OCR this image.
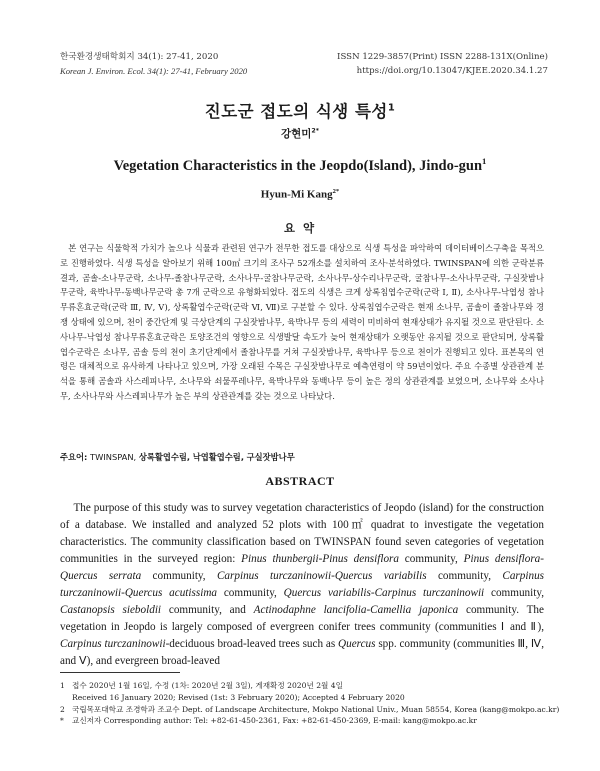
한국환경생태학회지 34(1): 27-41, 2020
Korean J. Environ. Ecol. 34(1): 27-41, February 2020
ISSN 1229-3857(Print) ISSN 2288-131X(Online)
https://doi.org/10.13047/KJEE.2020.34.1.27
진도군 접도의 식생 특성$^1$
강현미$^{2*}$
Vegetation Characteristics in the Jeopdo(Island), Jindo-gun$^1$
Hyun-Mi Kang$^{2*}$
요 약

본 연구는 식물학적 가치가 높으나 식물과 관련된 연구가 전무한 접도를 대상으로 식생 특성을 파악하여 데이터베이스구축을 목적으로 진행하였다. 식생 특성을 알아보기 위해 100㎡ 크기의 조사구 52개소를 설치하여 조사·분석하였다. TWINSPAN에 의한 군락분류 결과, 곰솔-소나무군락, 소나무-졸참나무군락, 소사나무-굴참나무군락, 소사나무-상수리나무군락, 굴참나무-소사나무군락, 구실잣밤나무군락, 육박나무-동백나무군락 총 7개 군락으로 유형화되었다. 접도의 식생은 크게 상록침엽수군락(군락 Ⅰ, Ⅱ), 소사나무-낙엽성 참나무류혼효군락(군락 Ⅲ, Ⅳ, Ⅴ), 상록활엽수군락(군락 Ⅵ, Ⅶ)로 구분할 수 있다. 상록침엽수군락은 현재 소나무, 곰솔이 졸참나무와 경쟁 상태에 있으며, 천이 중간단계 및 극상단계의 구실잣밤나무, 육박나무 등의 세력이 미비하여 현재상태가 유지될 것으로 판단된다. 소사나무-낙엽성 참나무류혼효군락은 토양조건의 영향으로 식생발달 속도가 늦어 현재상태가 오랫동안 유지될 것으로 판단되며, 상록활엽수군락은 소나무, 곰솔 등의 천이 초기단계에서 졸참나무를 거쳐 구실잣밤나무, 육박나무 등으로 천이가 진행되고 있다. 표본목의 연령은 대체적으로 유사하게 나타나고 있으며, 가장 오래된 수목은 구실잣밤나무로 예측연령이 약 59년이었다. 주요 수종별 상관관계 분석을 통해 곰솔과 사스레피나무, 소나무와 쇠물푸레나무, 육박나무와 동백나무 등이 높은 정의 상관관계를 보였으며, 소나무와 소사나무, 소사나무와 사스레피나무가 높은 부의 상관관계를 갖는 것으로 나타났다.

주요어: TWINSPAN, 상록활엽수림, 낙엽활엽수림, 구실잣밤나무
ABSTRACT

The purpose of this study was to survey vegetation characteristics of Jeopdo (island) for the construction of a database. We installed and analyzed 52 plots with 100㎡ quadrat to investigate the vegetation characteristics. The community classification based on TWINSPAN found seven categories of vegetation communities in the surveyed region: Pinus thunbergii-Pinus densiflora community, Pinus densiflora-Quercus serrata community, Carpinus turczaninowii-Quercus variabilis community, Carpinus turczaninowii-Quercus acutissima community, Quercus variabilis-Carpinus turczaninowii community, Castanopsis sieboldii community, and Actinodaphne lancifolia-Camellia japonica community. The vegetation in Jeopdo is largely composed of evergreen conifer trees community (communities Ⅰ and Ⅱ), Carpinus turczaninowii-deciduous broad-leaved trees such as Quercus spp. community (communities Ⅲ, Ⅳ, and Ⅴ), and evergreen broad-leaved

1 접수 2020년 1월 16일, 수정 (1차: 2020년 2월 3일), 게재확정 2020년 2월 4일
Received 16 January 2020; Revised (1st: 3 February 2020); Accepted 4 February 2020
2 국립목포대학교 조경학과 조교수 Dept. of Landscape Architecture, Mokpo National Univ., Muan 58554, Korea (kang@mokpo.ac.kr)
*	교신저자 Corresponding author: Tel: +82-61-450-2361, Fax: +82-61-450-2369, E-mail: kang@mokpo.ac.kr
